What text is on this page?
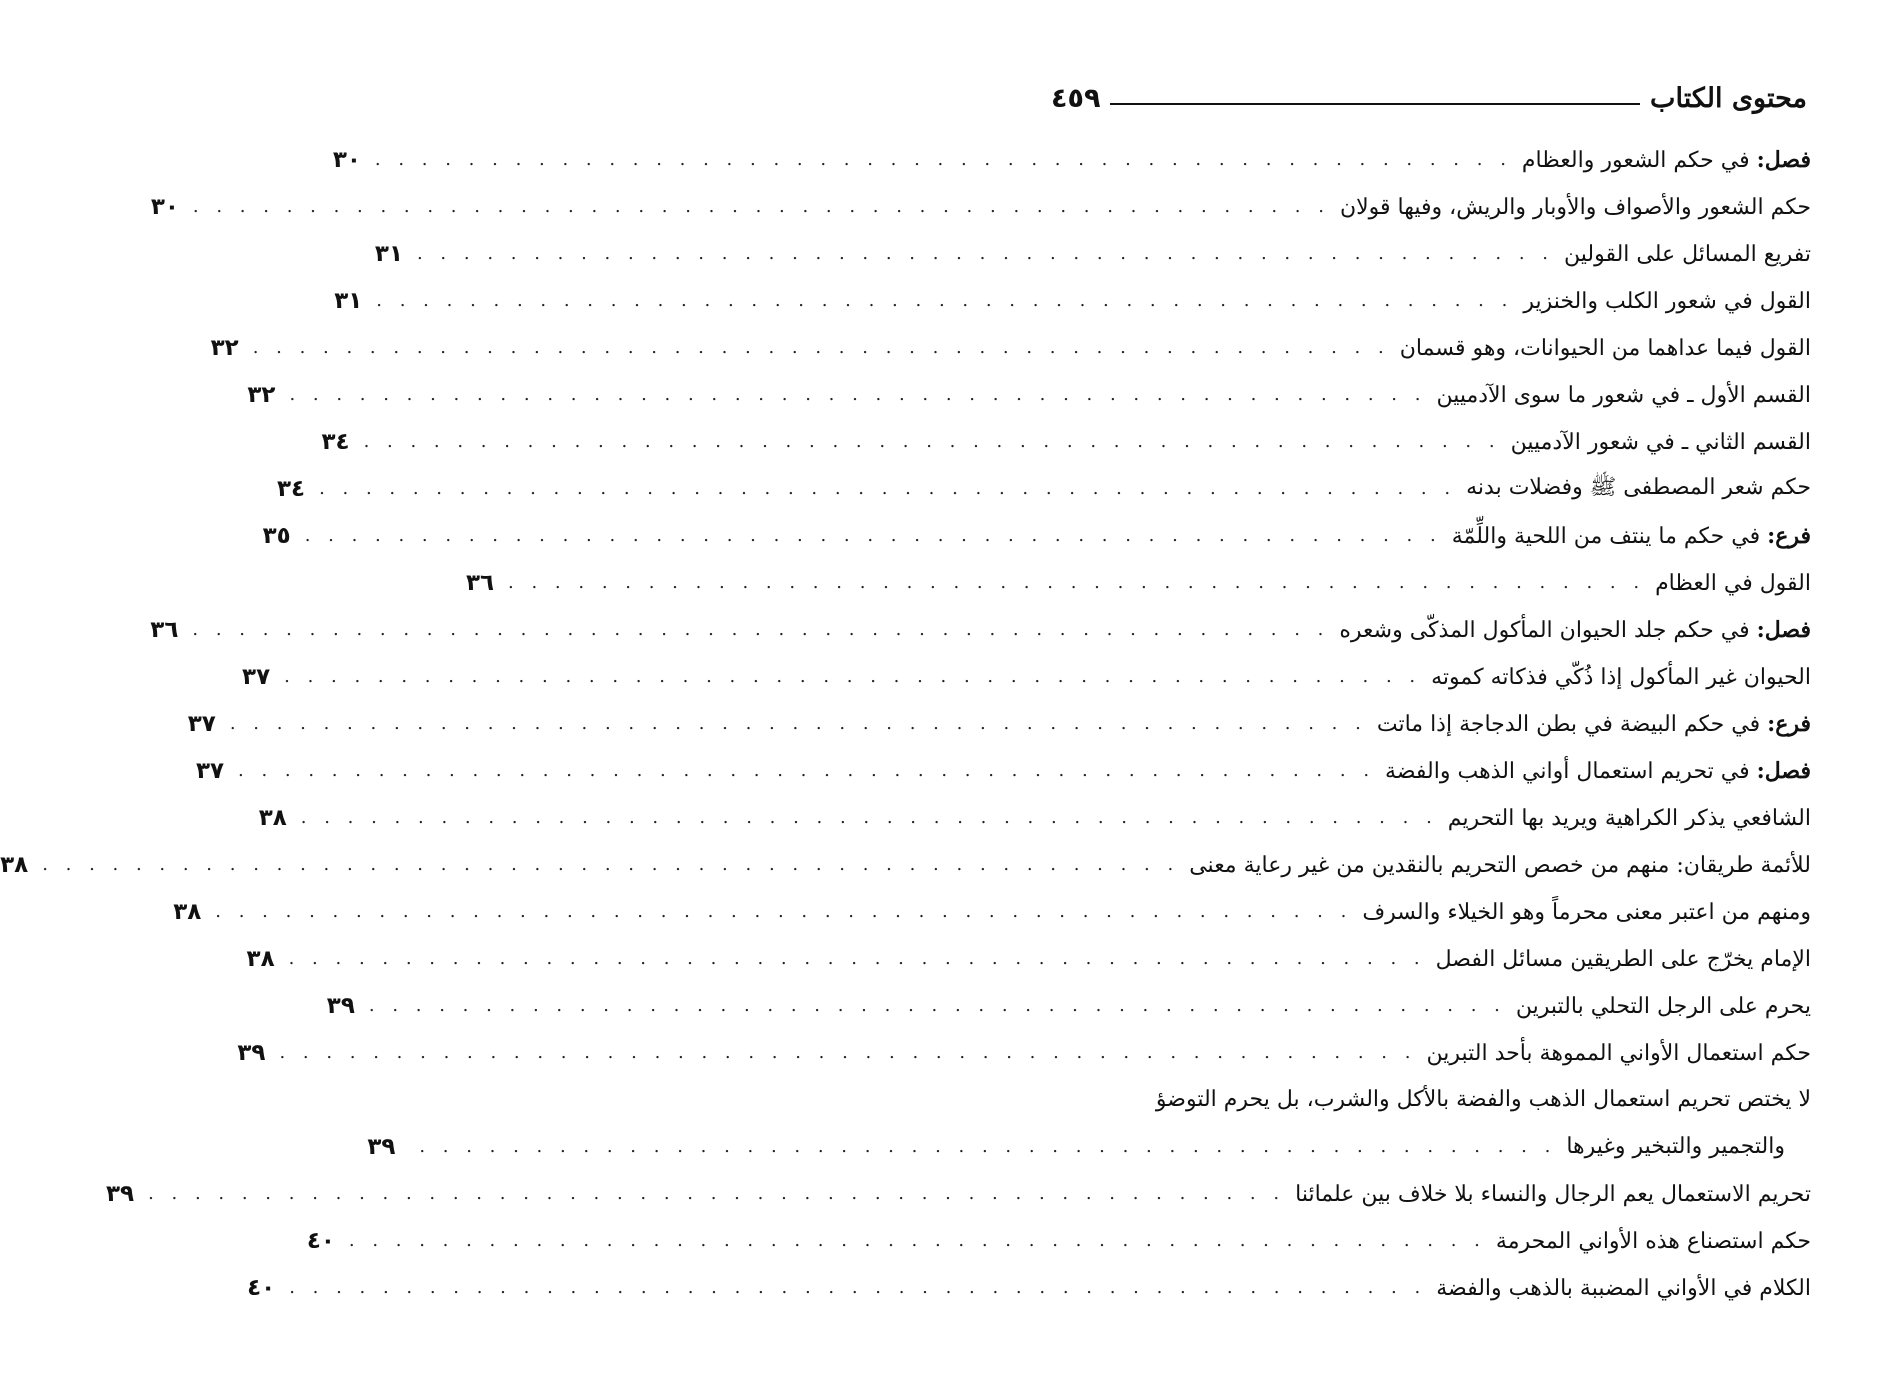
محتوى الكتاب
٤٥٩
فصل: في حكم الشعور والعظام
. . . . . . . . . . . . . . . . . . . . . . . . . . . . . . . . . . . . . . . . . . . . . . . . .
٣٠
حكم الشعور والأصواف والأوبار والريش، وفيها قولان
. . . . . . . . . . . . . . . . . . . . . . . . . . . . . . . . . . . . . . . . . . . . . . . . .
٣٠
تفريع المسائل على القولين
. . . . . . . . . . . . . . . . . . . . . . . . . . . . . . . . . . . . . . . . . . . . . . . . .
٣١
القول في شعور الكلب والخنزير
. . . . . . . . . . . . . . . . . . . . . . . . . . . . . . . . . . . . . . . . . . . . . . . . .
٣١
القول فيما عداهما من الحيوانات، وهو قسمان
. . . . . . . . . . . . . . . . . . . . . . . . . . . . . . . . . . . . . . . . . . . . . . . . .
٣٢
القسم الأول ـ في شعور ما سوى الآدميين
. . . . . . . . . . . . . . . . . . . . . . . . . . . . . . . . . . . . . . . . . . . . . . . . .
٣٢
القسم الثاني ـ في شعور الآدميين
. . . . . . . . . . . . . . . . . . . . . . . . . . . . . . . . . . . . . . . . . . . . . . . . .
٣٤
حكم شعر المصطفى ﷺ وفضلات بدنه
. . . . . . . . . . . . . . . . . . . . . . . . . . . . . . . . . . . . . . . . . . . . . . . . .
٣٤
فرع: في حكم ما ينتف من اللحية واللِّمّة
. . . . . . . . . . . . . . . . . . . . . . . . . . . . . . . . . . . . . . . . . . . . . . . . .
٣٥
القول في العظام
. . . . . . . . . . . . . . . . . . . . . . . . . . . . . . . . . . . . . . . . . . . . . . . . .
٣٦
فصل: في حكم جلد الحيوان المأكول المذكّى وشعره
. . . . . . . . . . . . . . . . . . . . . . . . . . . . . . . . . . . . . . . . . . . . . . . . .
٣٦
الحيوان غير المأكول إذا ذُكّي فذكاته كموته
. . . . . . . . . . . . . . . . . . . . . . . . . . . . . . . . . . . . . . . . . . . . . . . . .
٣٧
فرع: في حكم البيضة في بطن الدجاجة إذا ماتت
. . . . . . . . . . . . . . . . . . . . . . . . . . . . . . . . . . . . . . . . . . . . . . . . .
٣٧
فصل: في تحريم استعمال أواني الذهب والفضة
. . . . . . . . . . . . . . . . . . . . . . . . . . . . . . . . . . . . . . . . . . . . . . . . .
٣٧
الشافعي يذكر الكراهية ويريد بها التحريم
. . . . . . . . . . . . . . . . . . . . . . . . . . . . . . . . . . . . . . . . . . . . . . . . .
٣٨
للأئمة طريقان: منهم من خصص التحريم بالنقدين من غير رعاية معنى
. . . . . . . . . . . . . . . . . . . . . . . . . . . . . . . . . . . . . . . . . . . . . . . . .
٣٨
ومنهم من اعتبر معنى محرماً وهو الخيلاء والسرف
. . . . . . . . . . . . . . . . . . . . . . . . . . . . . . . . . . . . . . . . . . . . . . . . .
٣٨
الإمام يخرّج على الطريقين مسائل الفصل
. . . . . . . . . . . . . . . . . . . . . . . . . . . . . . . . . . . . . . . . . . . . . . . . .
٣٨
يحرم على الرجل التحلي بالتبرين
. . . . . . . . . . . . . . . . . . . . . . . . . . . . . . . . . . . . . . . . . . . . . . . . .
٣٩
حكم استعمال الأواني المموهة بأحد التبرين
. . . . . . . . . . . . . . . . . . . . . . . . . . . . . . . . . . . . . . . . . . . . . . . . .
٣٩
لا يختص تحريم استعمال الذهب والفضة بالأكل والشرب، بل يحرم التوضؤ
والتجمير والتبخير وغيرها
. . . . . . . . . . . . . . . . . . . . . . . . . . . . . . . . . . . . . . . . . . . . . . . . .
٣٩
تحريم الاستعمال يعم الرجال والنساء بلا خلاف بين علمائنا
. . . . . . . . . . . . . . . . . . . . . . . . . . . . . . . . . . . . . . . . . . . . . . . . .
٣٩
حكم استصناع هذه الأواني المحرمة
. . . . . . . . . . . . . . . . . . . . . . . . . . . . . . . . . . . . . . . . . . . . . . . . .
٤٠
الكلام في الأواني المضببة بالذهب والفضة
. . . . . . . . . . . . . . . . . . . . . . . . . . . . . . . . . . . . . . . . . . . . . . . . .
٤٠
